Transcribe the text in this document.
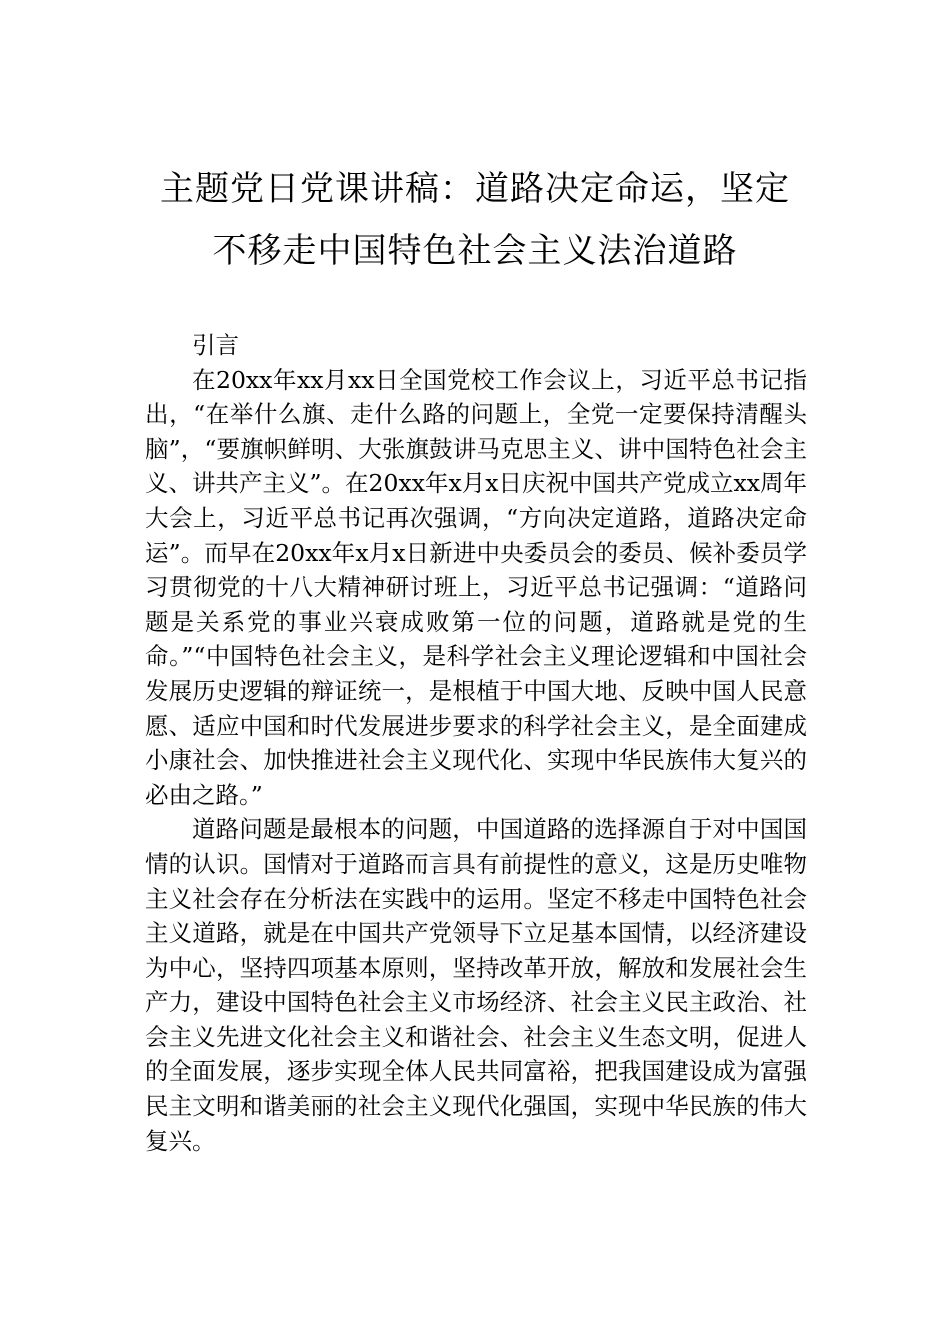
主题党日党课讲稿：道路决定命运，坚定
不移走中国特色社会主义法治道路

引言

在20xx年xx月xx日全国党校工作会议上，习近平总书记指出，“在举什么旗、走什么路的问题上，全党一定要保持清醒头脑”，“要旗帜鲜明、大张旗鼓讲马克思主义、讲中国特色社会主义、讲共产主义”。在20xx年x月x日庆祝中国共产党成立xx周年大会上，习近平总书记再次强调，“方向决定道路，道路决定命运”。而早在20xx年x月x日新进中央委员会的委员、候补委员学习贯彻党的十八大精神研讨班上，习近平总书记强调：“道路问题是关系党的事业兴衰成败第一位的问题，道路就是党的生命。”“中国特色社会主义，是科学社会主义理论逻辑和中国社会发展历史逻辑的辩证统一，是根植于中国大地、反映中国人民意愿、适应中国和时代发展进步要求的科学社会主义，是全面建成小康社会、加快推进社会主义现代化、实现中华民族伟大复兴的必由之路。”

道路问题是最根本的问题，中国道路的选择源自于对中国国情的认识。国情对于道路而言具有前提性的意义，这是历史唯物主义社会存在分析法在实践中的运用。坚定不移走中国特色社会主义道路，就是在中国共产党领导下立足基本国情，以经济建设为中心，坚持四项基本原则，坚持改革开放，解放和发展社会生产力，建设中国特色社会主义市场经济、社会主义民主政治、社会主义先进文化社会主义和谐社会、社会主义生态文明，促进人的全面发展，逐步实现全体人民共同富裕，把我国建设成为富强民主文明和谐美丽的社会主义现代化强国，实现中华民族的伟大复兴。
